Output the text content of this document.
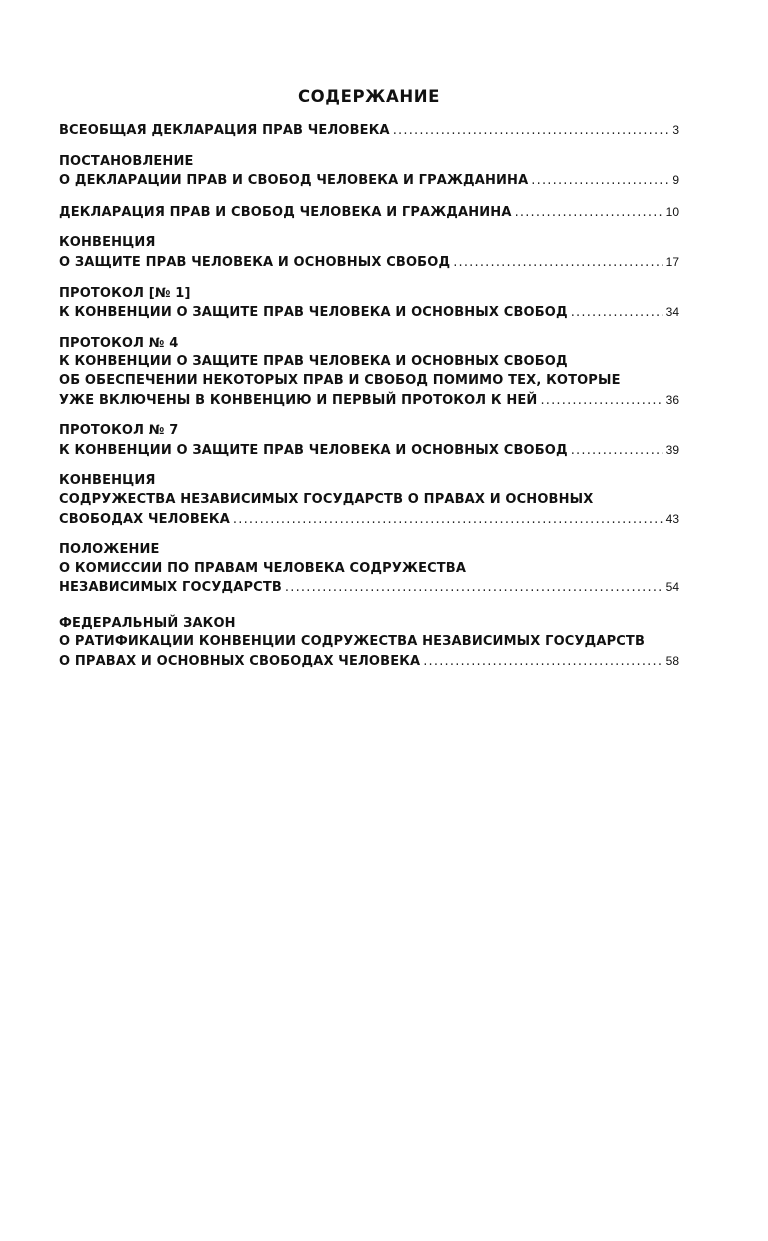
СОДЕРЖАНИЕ
ВСЕОБЩАЯ ДЕКЛАРАЦИЯ ПРАВ ЧЕЛОВЕКА .....	3
ПОСТАНОВЛЕНИЕ
О ДЕКЛАРАЦИИ ПРАВ И СВОБОД ЧЕЛОВЕКА И ГРАЖДАНИНА .....	9
ДЕКЛАРАЦИЯ ПРАВ И СВОБОД ЧЕЛОВЕКА И ГРАЖДАНИНА .....	10
КОНВЕНЦИЯ
О ЗАЩИТЕ ПРАВ ЧЕЛОВЕКА И ОСНОВНЫХ СВОБОД .....	17
ПРОТОКОЛ [№ 1]
К КОНВЕНЦИИ О ЗАЩИТЕ ПРАВ ЧЕЛОВЕКА И ОСНОВНЫХ СВОБОД .....	34
ПРОТОКОЛ № 4
К КОНВЕНЦИИ О ЗАЩИТЕ ПРАВ ЧЕЛОВЕКА И ОСНОВНЫХ СВОБОД
ОБ ОБЕСПЕЧЕНИИ НЕКОТОРЫХ ПРАВ И СВОБОД ПОМИМО ТЕХ, КОТОРЫЕ
УЖЕ ВКЛЮЧЕНЫ В КОНВЕНЦИЮ И ПЕРВЫЙ ПРОТОКОЛ К НЕЙ .....	36
ПРОТОКОЛ № 7
К КОНВЕНЦИИ О ЗАЩИТЕ ПРАВ ЧЕЛОВЕКА И ОСНОВНЫХ СВОБОД .....	39
КОНВЕНЦИЯ
СОДРУЖЕСТВА НЕЗАВИСИМЫХ ГОСУДАРСТВ О ПРАВАХ И ОСНОВНЫХ
СВОБОДАХ ЧЕЛОВЕКА .....	43
ПОЛОЖЕНИЕ
О КОМИССИИ ПО ПРАВАМ ЧЕЛОВЕКА СОДРУЖЕСТВА
НЕЗАВИСИМЫХ ГОСУДАРСТВ .....	54
ФЕДЕРАЛЬНЫЙ ЗАКОН
О РАТИФИКАЦИИ КОНВЕНЦИИ СОДРУЖЕСТВА НЕЗАВИСИМЫХ ГОСУДАРСТВ
О ПРАВАХ И ОСНОВНЫХ СВОБОДАХ ЧЕЛОВЕКА .....	58
